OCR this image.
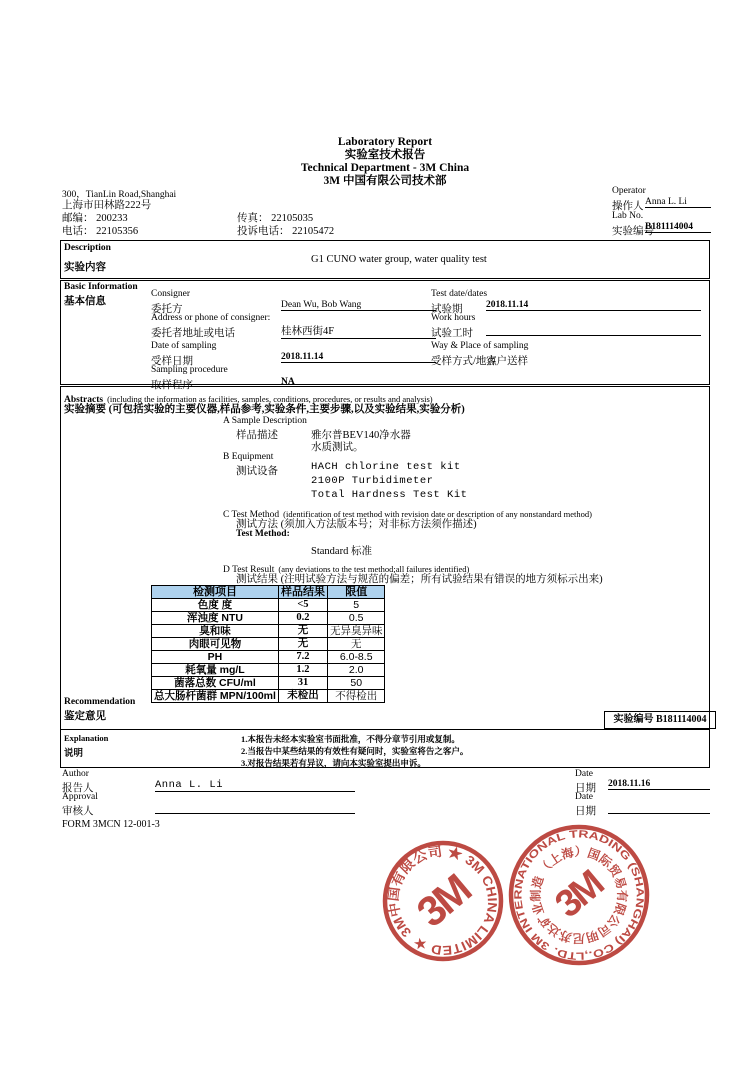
Laboratory Report
实验室技术报告
Technical Department - 3M China
3M 中国有限公司技术部
300，TianLin Road,Shanghai
上海市田林路222号
邮编： 200233	传真： 22105035
电话： 22105356	投诉电话： 22105472
Operator
操作人 Anna L. Li
Lab No.
实验编号
B181114004
Description
实验内容
G1 CUNO water group, water quality test
Basic Information
基本信息
Consigner
委托方	Dean Wu, Bob Wang
Address or phone of consigner:
委托者地址或电话	桂林西街4F
Date of sampling
受样日期	2018.11.14
Sampling procedure
取样程序	NA
Test date/dates
试验期 2018.11.14
Work hours
试验工时
Way & Place of sampling
受样方式/地点
客户送样
Abstracts (including the information as facilities, samples, conditions, procedures, or results and analysis)
实验摘要 (可包括实验的主要仪器,样品参考,实验条件,主要步骤,以及实验结果,实验分析)
A Sample Description
样品描述	雅尔普BEV140净水器
水质测试。
B Equipment
测试设备	HACH chlorine test kit
2100P Turbidimeter
Total Hardness Test Kit
C Test Method (identification of test method with revision date or description of any nonstandard method)
测试方法 (须加入方法版本号；对非标方法须作描述)
Test Method:
Standard 标准
D Test Result (any deviations to the test method;all failures identified)
测试结果 (注明试验方法与规范的偏差；所有试验结果有错误的地方须标示出来)
检测项目	样品结果	限值
色度 度	<5	5
浑浊度 NTU	0.2	0.5
臭和味	无	无异臭异味
肉眼可见物	无	无
PH	7.2	6.0-8.5
耗氧量 mg/L	1.2	2.0
菌落总数 CFU/ml	31	50
总大肠杆菌群 MPN/100ml	未检出	不得检出
Recommendation
鉴定意见	实验编号 B181114004
Explanation
说明
1.本报告未经本实验室书面批准，不得分章节引用或复制。
2.当报告中某些结果的有效性有疑问时，实验室将告之客户。
3.对报告结果若有异议，请向本实验室提出申诉。
Author
报告人	Anna L. Li
Date
日期 2018.11.16
Approval
审核人
Date
日期
FORM 3MCN 12-001-3
3M中国有限公司 ★ 3M CHINA LIMITED ★
3M
3M INTERNATIONAL TRADING (SHANGHAI) CO.,LTD.
（上海）国际贸易有限公司明尼苏达矿业制造 3M
